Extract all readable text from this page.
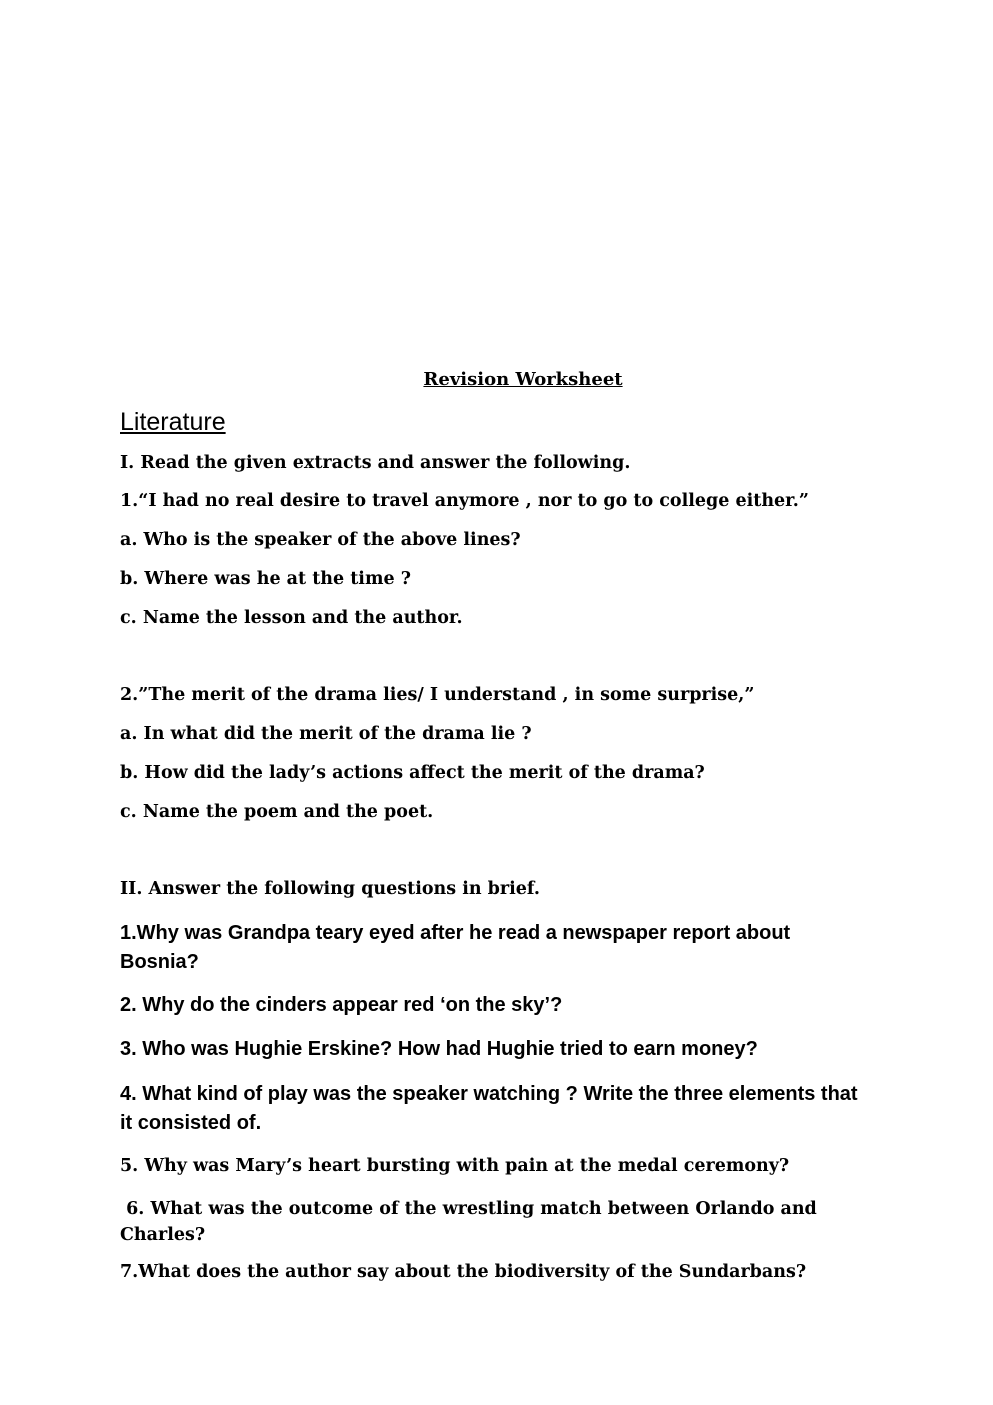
Revision Worksheet
Literature
I. Read the given extracts and answer the following.
1.“I had no real desire to travel anymore , nor to go to college either.”
a. Who is the speaker of the above lines?
b. Where was he at the time ?
c. Name the lesson and the author.
2.”The merit of the drama lies/ I understand , in some surprise,”
a. In what did the merit of the drama lie ?
b. How did the lady’s actions affect the merit of the drama?
c. Name the poem and the poet.
II. Answer the following questions in brief.
1.Why was Grandpa teary eyed after he read a newspaper report about Bosnia?
2. Why do the cinders appear red ‘on the sky’?
3. Who was Hughie Erskine? How had Hughie tried to earn money?
4. What kind of play was the speaker watching ? Write the three elements that it consisted of.
5. Why was Mary’s heart bursting with pain at the medal ceremony?
6. What was the outcome of the wrestling match between Orlando and Charles?
7.What does the author say about the biodiversity of the Sundarbans?
